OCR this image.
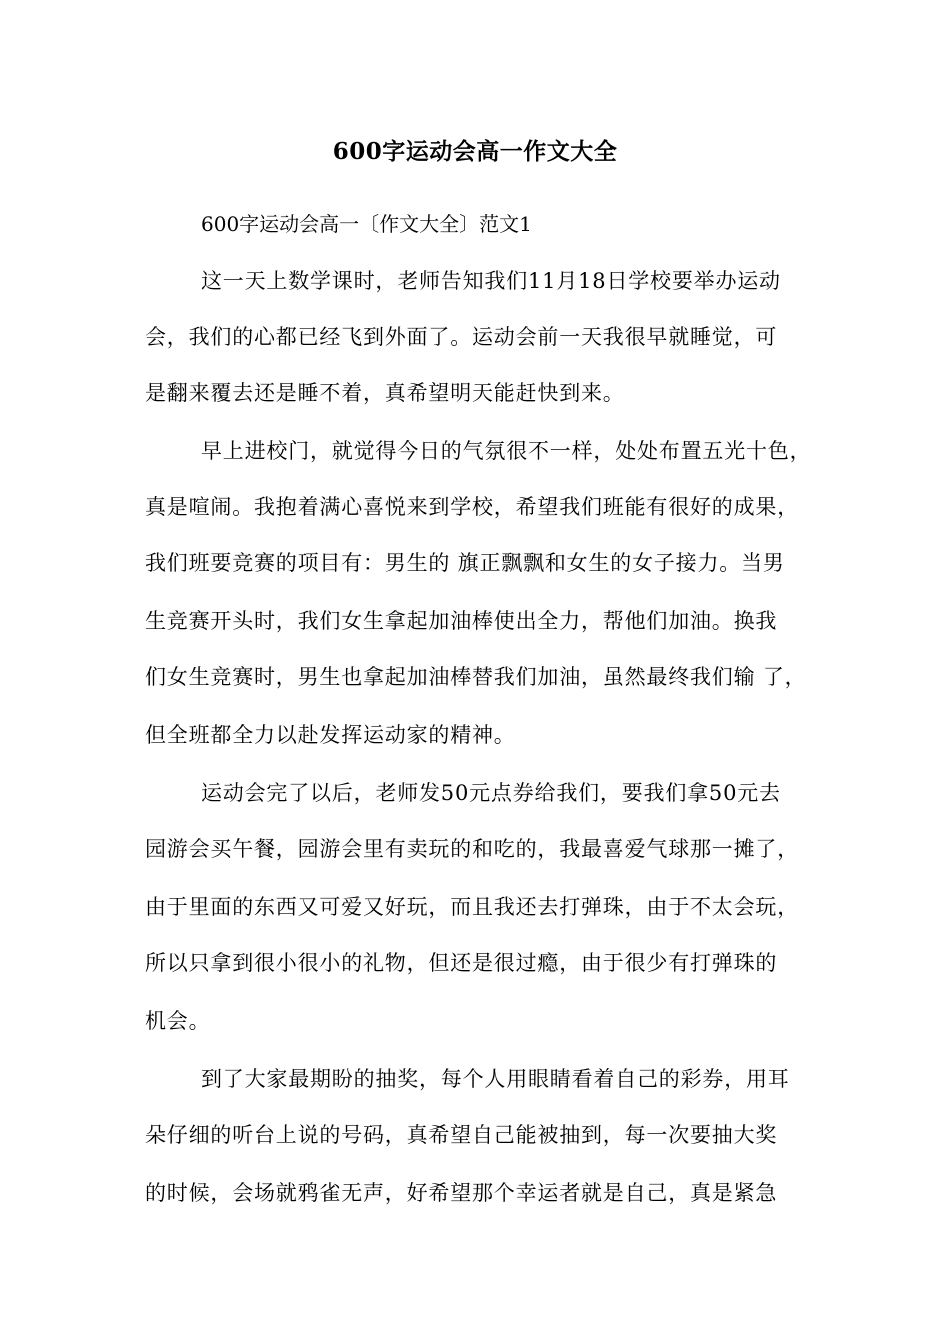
600字运动会高一作文大全
600字运动会高一〔作文大全〕范文1
这一天上数学课时，老师告知我们11月18日学校要举办运动
会，我们的心都已经飞到外面了。运动会前一天我很早就睡觉，可
是翻来覆去还是睡不着，真希望明天能赶快到来。
早上进校门，就觉得今日的气氛很不一样，处处布置五光十色，
真是喧闹。我抱着满心喜悦来到学校，希望我们班能有很好的成果，
我们班要竞赛的项目有：男生的 旗正飘飘和女生的女子接力。当男
生竞赛开头时，我们女生拿起加油棒使出全力，帮他们加油。换我
们女生竞赛时，男生也拿起加油棒替我们加油，虽然最终我们输 了，
但全班都全力以赴发挥运动家的精神。
运动会完了以后，老师发50元点券给我们，要我们拿50元去
园游会买午餐，园游会里有卖玩的和吃的，我最喜爱气球那一摊了，
由于里面的东西又可爱又好玩，而且我还去打弹珠，由于不太会玩，
所以只拿到很小很小的礼物，但还是很过瘾，由于很少有打弹珠的
机会。
到了大家最期盼的抽奖，每个人用眼睛看着自己的彩券，用耳
朵仔细的听台上说的号码，真希望自己能被抽到，每一次要抽大奖
的时候，会场就鸦雀无声，好希望那个幸运者就是自己，真是紧急
